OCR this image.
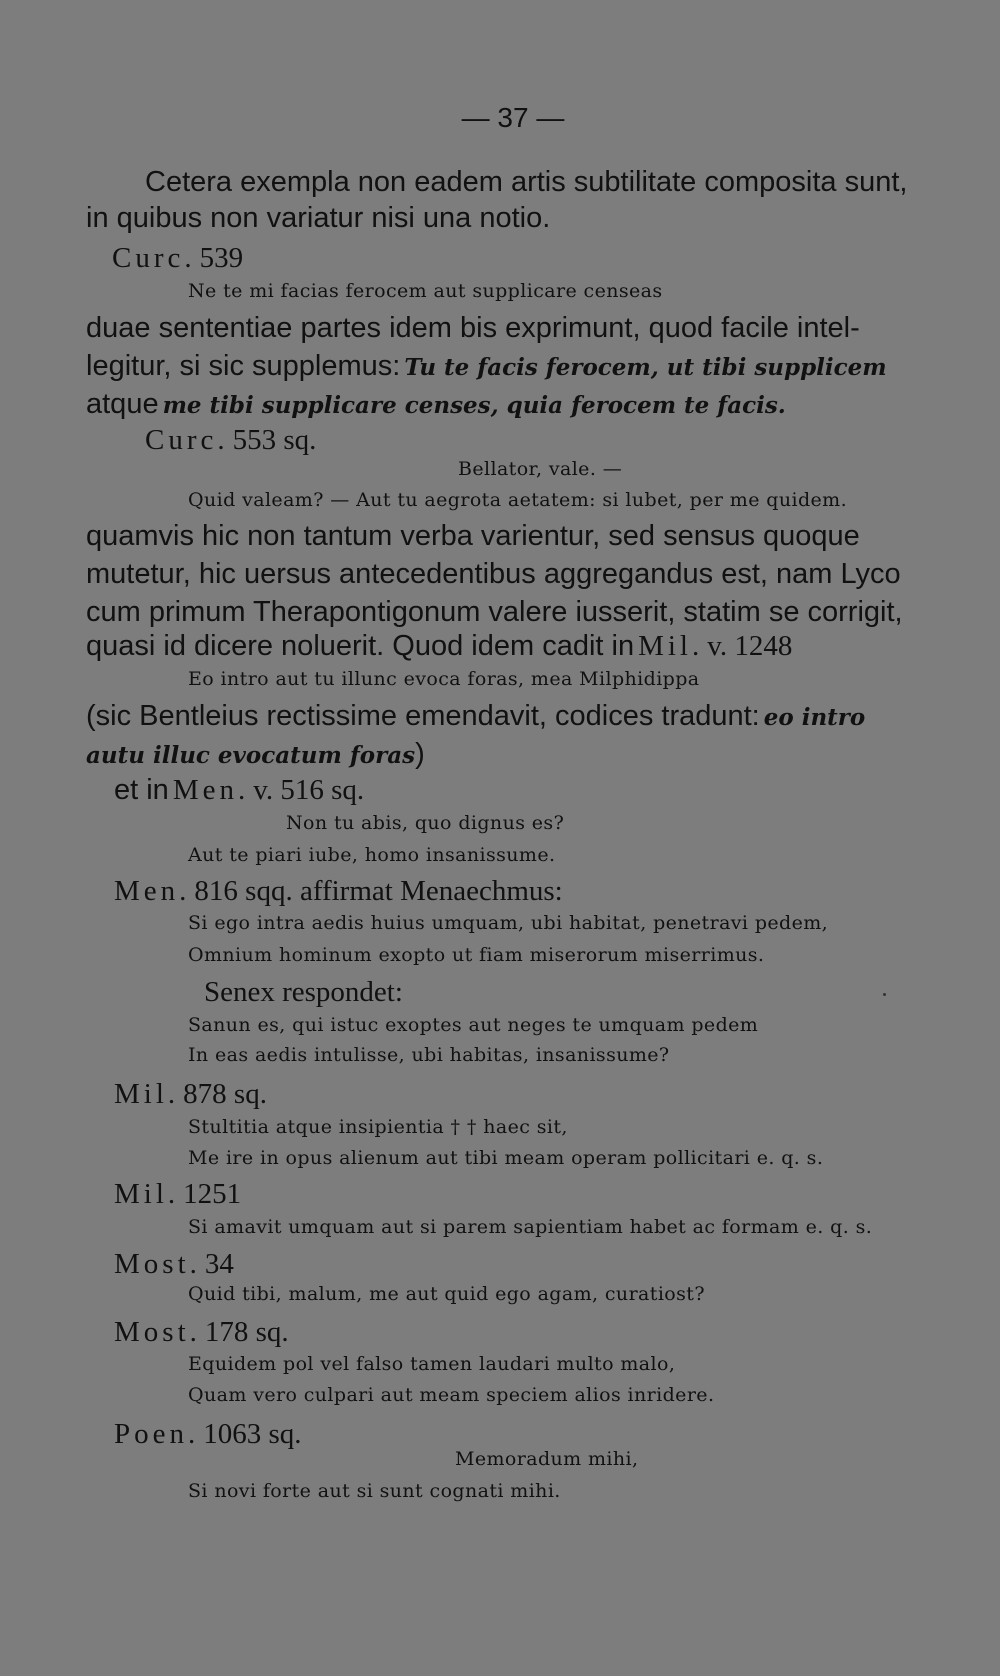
— 37 —
Cetera exempla non eadem artis subtilitate composita sunt,
in quibus non variatur nisi una notio.
Curc. 539
Ne te mi facias ferocem aut supplicare censeas
duae sententiae partes idem bis exprimunt, quod facile intel-
legitur, si sic supplemus: Tu te facis ferocem, ut tibi supplicem
atque me tibi supplicare censes, quia ferocem te facis.
Curc. 553 sq.
Bellator, vale. —
Quid valeam? — Aut tu aegrota aetatem: si lubet, per me quidem.
quamvis hic non tantum verba varientur, sed sensus quoque
mutetur, hic uersus antecedentibus aggregandus est, nam Lyco
cum primum Therapontigonum valere iusserit, statim se corrigit,
quasi id dicere noluerit. Quod idem cadit in Mil. v. 1248
Eo intro aut tu illunc evoca foras, mea Milphidippa
(sic Bentleius rectissime emendavit, codices tradunt: eo intro
autu illuc evocatum foras)
et in Men. v. 516 sq.
Non tu abis, quo dignus es?
Aut te piari iube, homo insanissume.
Men. 816 sqq. affirmat Menaechmus:
Si ego intra aedis huius umquam, ubi habitat, penetravi pedem,
Omnium hominum exopto ut fiam miserorum miserrimus.
Senex respondet:
Sanun es, qui istuc exoptes aut neges te umquam pedem
In eas aedis intulisse, ubi habitas, insanissume?
Mil. 878 sq.
Stultitia atque insipientia † † haec sit,
Me ire in opus alienum aut tibi meam operam pollicitari e. q. s.
Mil. 1251
Si amavit umquam aut si parem sapientiam habet ac formam e. q. s.
Most. 34
Quid tibi, malum, me aut quid ego agam, curatiost?
Most. 178 sq.
Equidem pol vel falso tamen laudari multo malo,
Quam vero culpari aut meam speciem alios inridere.
Poen. 1063 sq.
Memoradum mihi,
Si novi forte aut si sunt cognati mihi.
